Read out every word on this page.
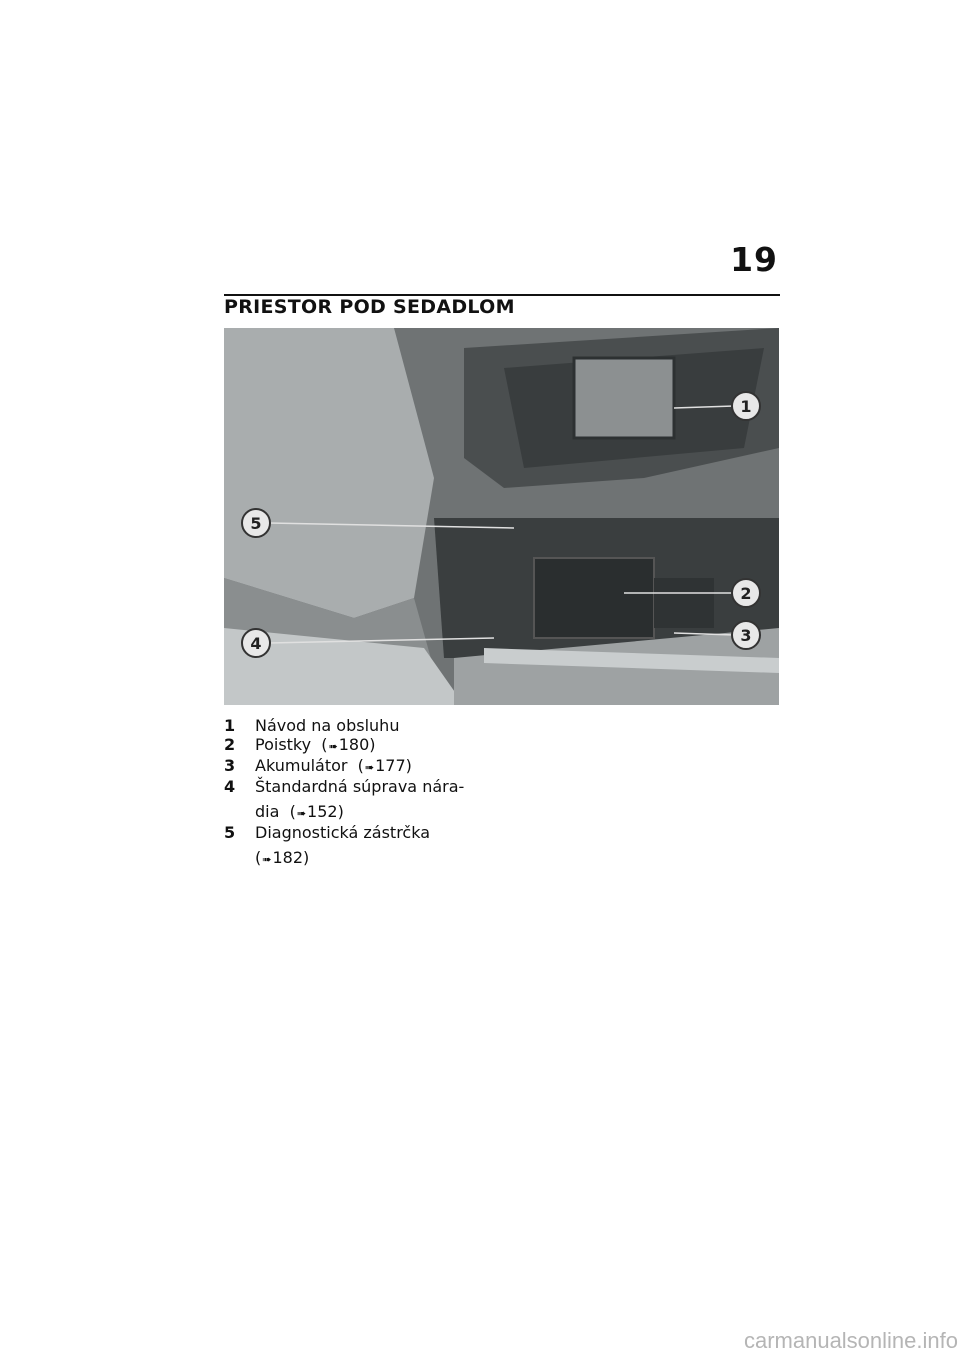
19
PRIESTOR POD SEDADLOM
1
2
3
4
5
1	Návod na obsluhu
2	Poistky (➠180)
3	Akumulátor (➠177)
4	Štandardná súprava nára-
dia (➠152)
5	Diagnostická zástrčka
(➠182)
carmanualsonline.info
